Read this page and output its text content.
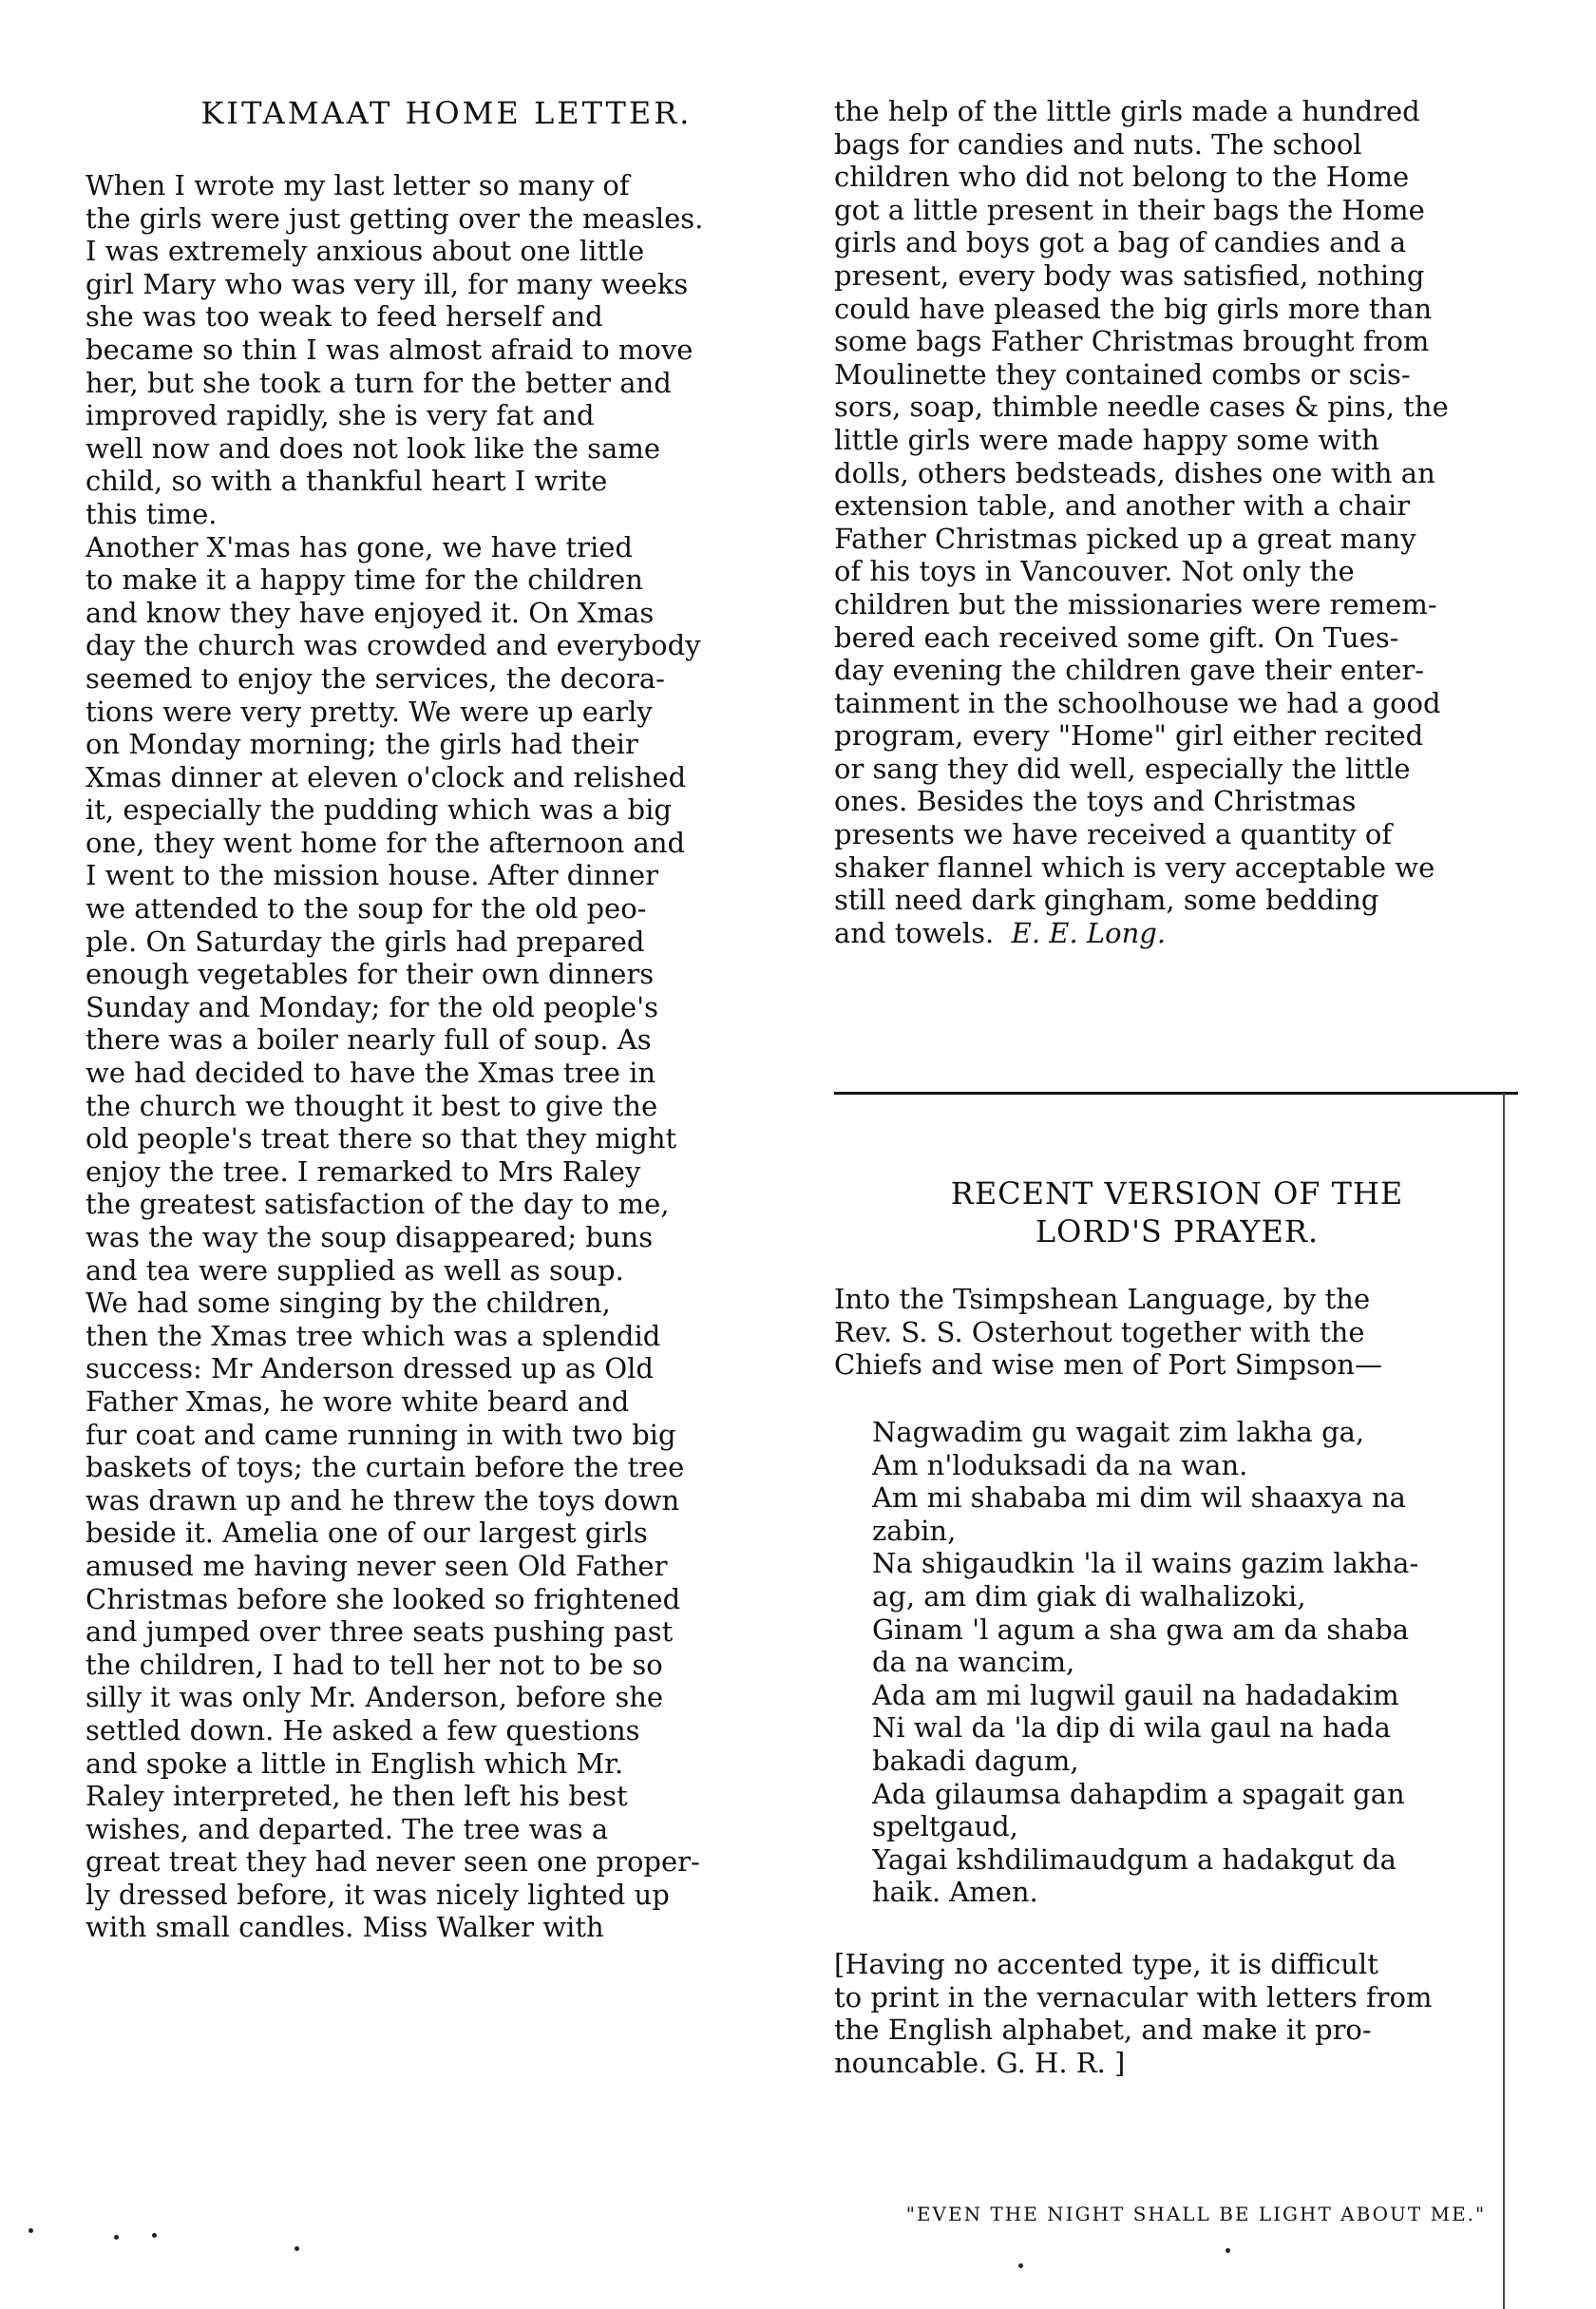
KITAMAAT HOME LETTER.
When I wrote my last letter so many of
the girls were just getting over the measles.
I was extremely anxious about one little
girl Mary who was very ill, for many weeks
she was too weak to feed herself and
became so thin I was almost afraid to move
her, but she took a turn for the better and
improved rapidly, she is very fat and
well now and does not look like the same
child, so with a thankful heart I write
this time.
Another X'mas has gone, we have tried
to make it a happy time for the children
and know they have enjoyed it. On Xmas
day the church was crowded and everybody
seemed to enjoy the services, the decora-
tions were very pretty. We were up early
on Monday morning; the girls had their
Xmas dinner at eleven o'clock and relished
it, especially the pudding which was a big
one, they went home for the afternoon and
I went to the mission house. After dinner
we attended to the soup for the old peo-
ple. On Saturday the girls had prepared
enough vegetables for their own dinners
Sunday and Monday; for the old people's
there was a boiler nearly full of soup. As
we had decided to have the Xmas tree in
the church we thought it best to give the
old people's treat there so that they might
enjoy the tree. I remarked to Mrs Raley
the greatest satisfaction of the day to me,
was the way the soup disappeared; buns
and tea were supplied as well as soup.
We had some singing by the children,
then the Xmas tree which was a splendid
success: Mr Anderson dressed up as Old
Father Xmas, he wore white beard and
fur coat and came running in with two big
baskets of toys; the curtain before the tree
was drawn up and he threw the toys down
beside it. Amelia one of our largest girls
amused me having never seen Old Father
Christmas before she looked so frightened
and jumped over three seats pushing past
the children, I had to tell her not to be so
silly it was only Mr. Anderson, before she
settled down. He asked a few questions
and spoke a little in English which Mr.
Raley interpreted, he then left his best
wishes, and departed. The tree was a
great treat they had never seen one proper-
ly dressed before, it was nicely lighted up
with small candles. Miss Walker with
the help of the little girls made a hundred
bags for candies and nuts. The school
children who did not belong to the Home
got a little present in their bags the Home
girls and boys got a bag of candies and a
present, every body was satisfied, nothing
could have pleased the big girls more than
some bags Father Christmas brought from
Moulinette they contained combs or scis-
sors, soap, thimble needle cases & pins, the
little girls were made happy some with
dolls, others bedsteads, dishes one with an
extension table, and another with a chair
Father Christmas picked up a great many
of his toys in Vancouver. Not only the
children but the missionaries were remem-
bered each received some gift. On Tues-
day evening the children gave their enter-
tainment in the schoolhouse we had a good
program, every "Home" girl either recited
or sang they did well, especially the little
ones. Besides the toys and Christmas
presents we have received a quantity of
shaker flannel which is very acceptable we
still need dark gingham, some bedding
and towels. E. E. Long.
RECENT VERSION OF THE
LORD'S PRAYER.
Into the Tsimpshean Language, by the
Rev. S. S. Osterhout together with the
Chiefs and wise men of Port Simpson—
Nagwadim gu wagait zim lakha ga,
Am n'loduksadi da na wan.
Am mi shababa mi dim wil shaaxya na
zabin,
Na shigaudkin 'la il wains gazim lakha-
ag, am dim giak di walhalizoki,
Ginam 'l agum a sha gwa am da shaba
da na wancim,
Ada am mi lugwil gauil na hadadakim
Ni wal da 'la dip di wila gaul na hada
bakadi dagum,
Ada gilaumsa dahapdim a spagait gan
speltgaud,
Yagai kshdilimaudgum a hadakgut da
haik. Amen.
[Having no accented type, it is difficult
to print in the vernacular with letters from
the English alphabet, and make it pro-
nouncable. G. H. R. ]
"EVEN THE NIGHT SHALL BE LIGHT ABOUT ME."
